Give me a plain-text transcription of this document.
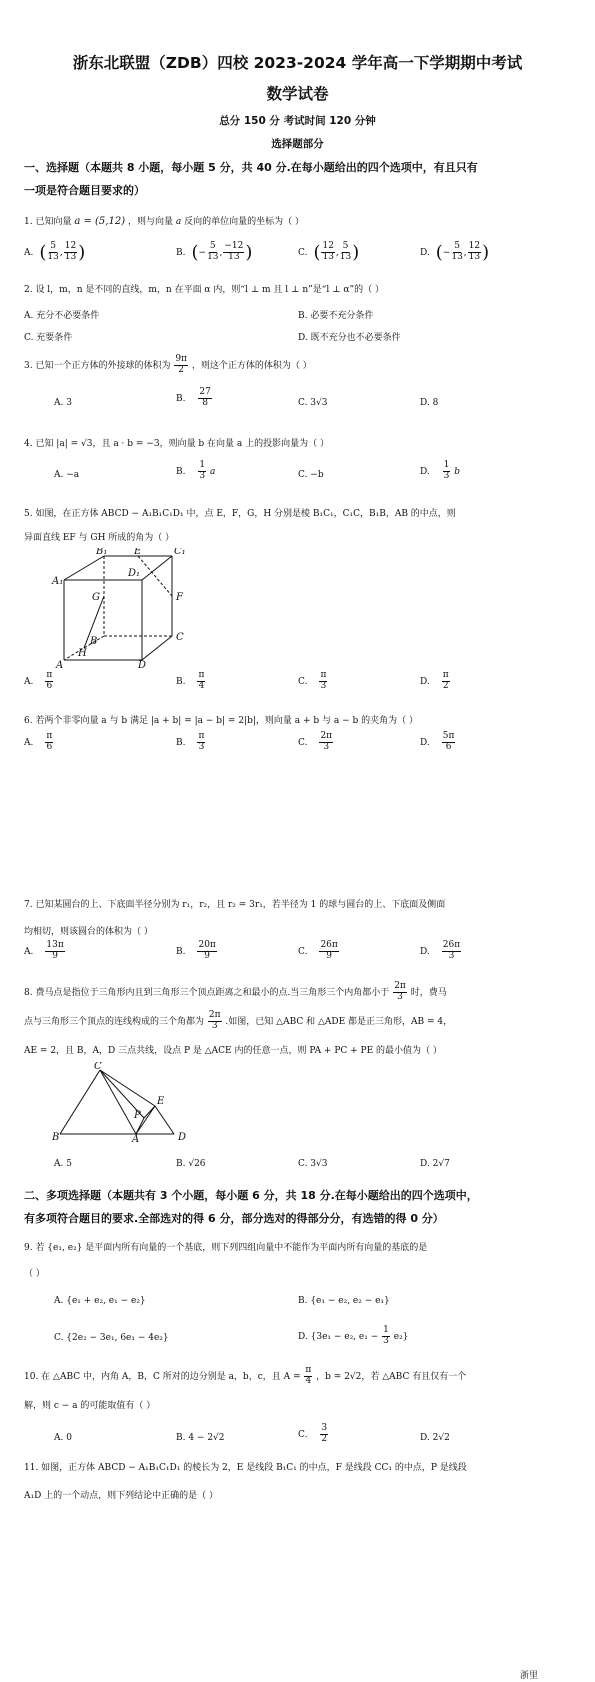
浙东北联盟（ZDB）四校 2023-2024 学年高一下学期期中考试
数学试卷
总分 150 分 考试时间 120 分钟
选择题部分
一、选择题（本题共 8 小题，每小题 5 分，共 40 分.在每小题给出的四个选项中，有且只有
一项是符合题目要求的）
1. 已知向量 a = (5,12) ，则与向量 a 反向的单位向量的坐标为（ ）
A. ( $\frac{5}{13}$ , $\frac{12}{13}$ )	B. (− $\frac{5}{13}$ , $\frac{-12}{13}$ )	C. ( $\frac{12}{13}$ , $\frac{5}{13}$ )	D. (− $\frac{5}{13}$ , $\frac{12}{13}$ )
2. 设 l，m，n 是不同的直线，m，n 在平面 α 内，则“l ⊥ m 且 l ⊥ n”是“l ⊥ α”的（ ）
A. 充分不必要条件	B. 必要不充分条件
C. 充要条件	D. 既不充分也不必要条件
3. 已知一个正方体的外接球的体积为 $\frac{9\pi}{2}$ ，则这个正方体的体积为（ ）
A. 3	B. $\frac{27}{8}$	C. 3√3	D. 8
4. 已知 |a| = √3，且 a · b = −3，则向量 b 在向量 a 上的投影向量为（ ）
A. −a	B. $\frac{1}{3}$ a	C. −b	D. $\frac{1}{3}$ b
5. 如图，在正方体 ABCD − A₁B₁C₁D₁ 中，点 E，F，G，H 分别是棱 B₁C₁，C₁C，B₁B，AB 的中点，则
异面直线 EF 与 GH 所成的角为（ ）
B₁	E	C₁
A₁
D₁
G	F
B	C
H
A	D
A. $\frac{\pi}{6}$	B. $\frac{\pi}{4}$	C. $\frac{\pi}{3}$	D. $\frac{\pi}{2}$
6. 若两个非零向量 a 与 b 满足 |a + b| = |a − b| = 2|b|，则向量 a + b 与 a − b 的夹角为（ ）
A. $\frac{\pi}{6}$	B. $\frac{\pi}{3}$	C. $\frac{2\pi}{3}$	D. $\frac{5\pi}{6}$
7. 已知某圆台的上、下底面半径分别为 r₁，r₂，且 r₂ = 3r₁，若半径为 1 的球与圆台的上、下底面及侧面
均相切，则该圆台的体积为（ ）
A. $\frac{13\pi}{9}$	B. $\frac{20\pi}{9}$	C. $\frac{26\pi}{9}$	D. $\frac{26\pi}{3}$
8. 费马点是指位于三角形内且到三角形三个顶点距离之和最小的点.当三角形三个内角都小于 $\frac{2\pi}{3}$ 时，费马
点与三角形三个顶点的连线构成的三个角都为 $\frac{2\pi}{3}$ .如图，已知 △ABC 和 △ADE 都是正三角形，AB = 4，
AE = 2，且 B，A，D 三点共线，设点 P 是 △ACE 内的任意一点，则 PA + PC + PE 的最小值为（ ）
C
E
P
B	A	D
A. 5	B. √26	C. 3√3	D. 2√7
二、多项选择题（本题共有 3 个小题，每小题 6 分，共 18 分.在每小题给出的四个选项中，
有多项符合题目的要求.全部选对的得 6 分，部分选对的得部分分，有选错的得 0 分）
9. 若 {e₁, e₂} 是平面内所有向量的一个基底，则下列四组向量中不能作为平面内所有向量的基底的是
（ ）
A. {e₁ + e₂, e₁ − e₂}	B. {e₁ − e₂, e₂ − e₁}
C. {2e₂ − 3e₁, 6e₁ − 4e₂}	D. {3e₁ − e₂, $e_1 - \frac{1}{3} e_2$}
10. 在 △ABC 中，内角 A，B，C 所对的边分别是 a，b，c，且 $A = \frac{\pi}{4}$ ，b = 2√2，若 △ABC 有且仅有一个
解，则 c − a 的可能取值有（ ）
A. 0	B. 4 − 2√2	C. $\frac{3}{2}$	D. 2√2
11. 如图，正方体 ABCD − A₁B₁C₁D₁ 的棱长为 2，E 是线段 B₁C₁ 的中点，F 是线段 CC₁ 的中点，P 是线段
A₁D 上的一个动点，则下列结论中正确的是（ ）
浙里
